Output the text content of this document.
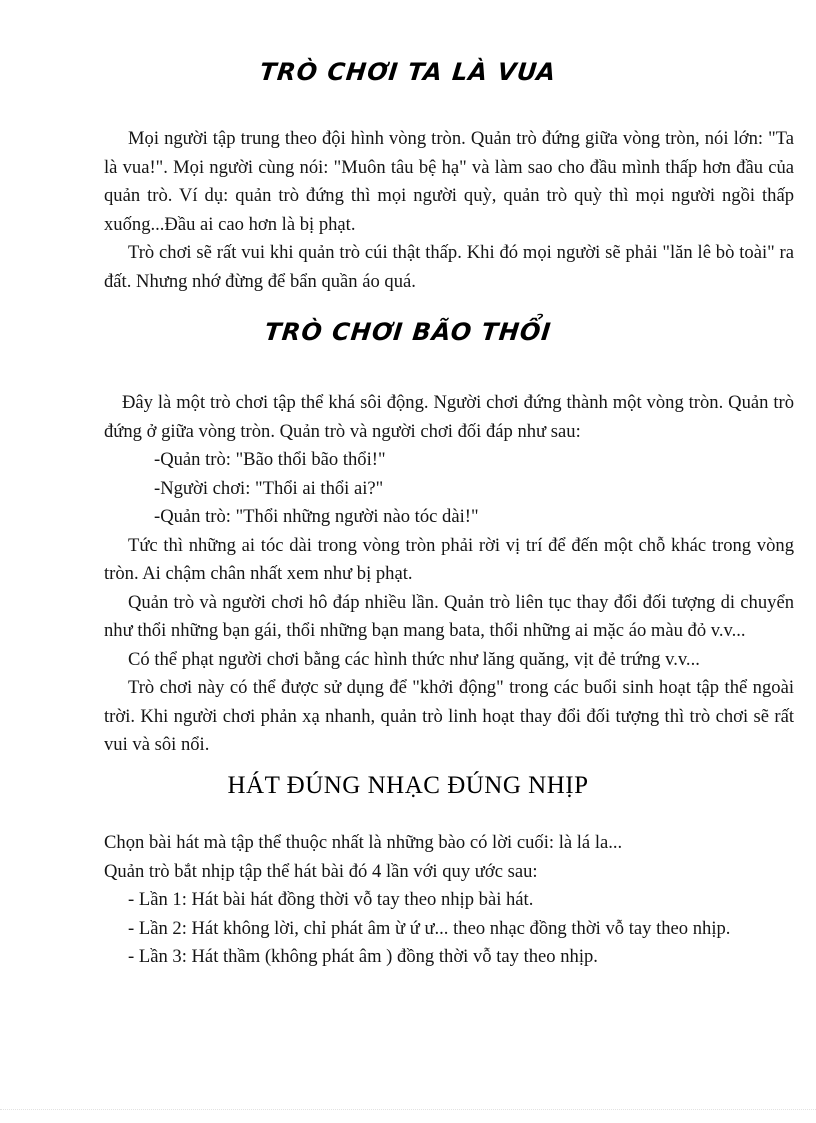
TRÒ CHƠI TA LÀ VUA

Mọi người tập trung theo đội hình vòng tròn. Quản trò đứng giữa vòng tròn, nói lớn: "Ta là vua!". Mọi người cùng nói: "Muôn tâu bệ hạ" và làm sao cho đầu mình thấp hơn đầu của quản trò. Ví dụ: quản trò đứng thì mọi người quỳ, quản trò quỳ thì mọi người ngồi thấp xuống...Đầu ai cao hơn là bị phạt.

Trò chơi sẽ rất vui khi quản trò cúi thật thấp. Khi đó mọi người sẽ phải "lăn lê bò toài" ra đất. Nhưng nhớ đừng để bẩn quần áo quá.

TRÒ CHƠI BÃO THỔI

Đây là một trò chơi tập thể khá sôi động. Người chơi đứng thành một vòng tròn. Quản trò đứng ở giữa vòng tròn. Quản trò và người chơi đối đáp như sau:

-Quản trò: "Bão thổi bão thổi!"

-Người chơi: "Thổi ai thổi ai?"

-Quản trò: "Thổi những người nào tóc dài!"

Tức thì những ai tóc dài trong vòng tròn phải rời vị trí để đến một chỗ khác trong vòng tròn. Ai chậm chân nhất xem như bị phạt.

Quản trò và người chơi hô đáp nhiều lần. Quản trò liên tục thay đổi đối tượng di chuyển như thổi những bạn gái, thổi những bạn mang bata, thổi những ai mặc áo màu đỏ v.v...

Có thể phạt người chơi bằng các hình thức như lăng quăng, vịt đẻ trứng v.v...

Trò chơi này có thể được sử dụng để "khởi động" trong các buổi sinh hoạt tập thể ngoài trời. Khi người chơi phản xạ nhanh, quản trò linh hoạt thay đổi đối tượng thì trò chơi sẽ rất vui và sôi nổi.

HÁT ĐÚNG NHẠC ĐÚNG NHỊP

Chọn bài hát mà tập thể thuộc nhất là những bào có lời cuối: là lá la...

Quản trò bắt nhịp tập thể hát bài đó 4 lần với quy ước sau:

- Lần 1: Hát bài hát đồng thời vỗ tay theo nhịp bài hát.

- Lần 2: Hát không lời, chỉ phát âm ừ ứ ư... theo nhạc đồng thời vỗ tay theo nhịp.

- Lần 3: Hát thầm (không phát âm ) đồng thời vỗ tay theo nhịp.
